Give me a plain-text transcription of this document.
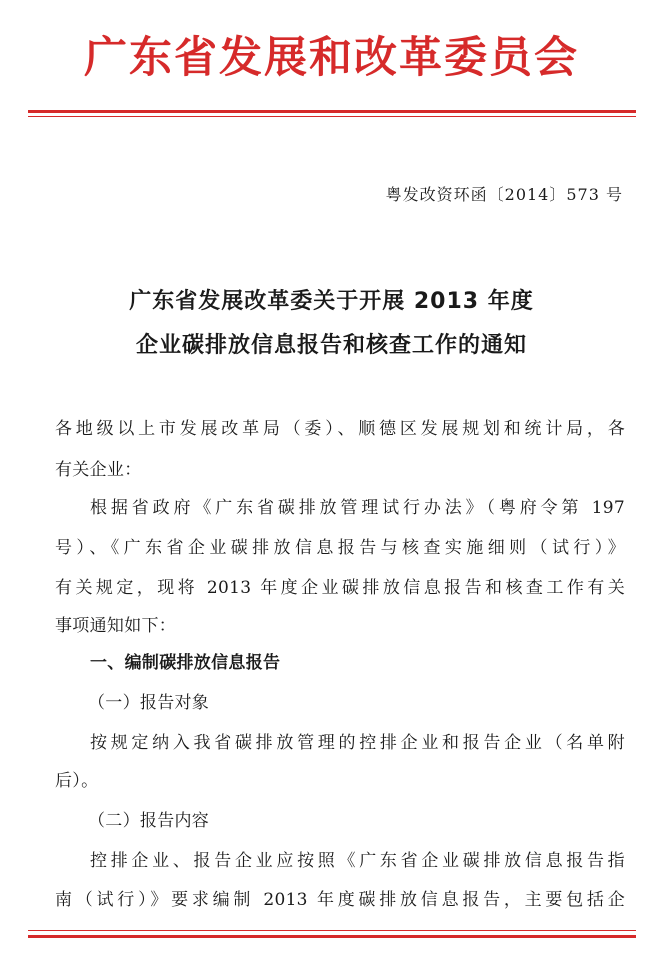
广东省发展和改革委员会
粤发改资环函〔2014〕573 号
广东省发展改革委关于开展 2013 年度
企业碳排放信息报告和核查工作的通知
各地级以上市发展改革局（委）、顺德区发展规划和统计局，各
有关企业：
根据省政府《广东省碳排放管理试行办法》（粤府令第 197
号）、《广东省企业碳排放信息报告与核查实施细则（试行）》
有关规定，现将 2013 年度企业碳排放信息报告和核查工作有关
事项通知如下：
一、编制碳排放信息报告
（一）报告对象
按规定纳入我省碳排放管理的控排企业和报告企业（名单附
后）。
（二）报告内容
控排企业、报告企业应按照《广东省企业碳排放信息报告指
南（试行）》要求编制 2013 年度碳排放信息报告，主要包括企
